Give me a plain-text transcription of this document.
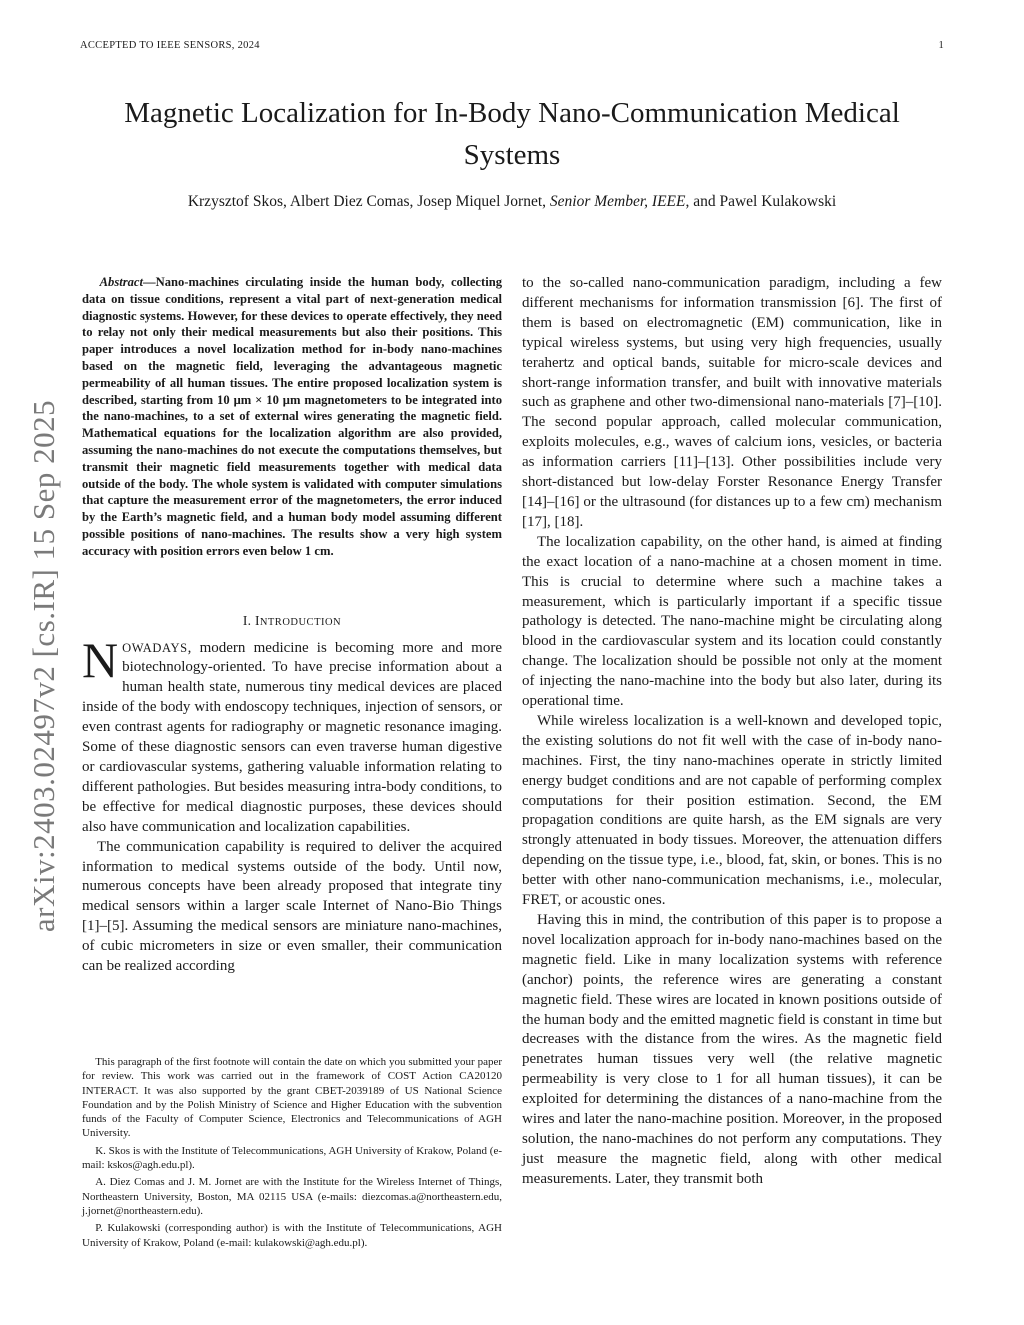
ACCEPTED TO IEEE SENSORS, 2024	1
arXiv:2403.02497v2 [cs.IR] 15 Sep 2025
Magnetic Localization for In-Body Nano-Communication Medical Systems
Krzysztof Skos, Albert Diez Comas, Josep Miquel Jornet, Senior Member, IEEE, and Pawel Kulakowski

Abstract—Nano-machines circulating inside the human body, collecting data on tissue conditions, represent a vital part of next-generation medical diagnostic systems. However, for these devices to operate effectively, they need to relay not only their medical measurements but also their positions. This paper introduces a novel localization method for in-body nano-machines based on the magnetic field, leveraging the advantageous magnetic permeability of all human tissues. The entire proposed localization system is described, starting from 10 μm × 10 μm magnetometers to be integrated into the nano-machines, to a set of external wires generating the magnetic field. Mathematical equations for the localization algorithm are also provided, assuming the nano-machines do not execute the computations themselves, but transmit their magnetic field measurements together with medical data outside of the body. The whole system is validated with computer simulations that capture the measurement error of the magnetometers, the error induced by the Earth’s magnetic field, and a human body model assuming different possible positions of nano-machines. The results show a very high system accuracy with position errors even below 1 cm.

I. INTRODUCTION

NOWADAYS, modern medicine is becoming more and more biotechnology-oriented. To have precise information about a human health state, numerous tiny medical devices are placed inside of the body with endoscopy techniques, injection of sensors, or even contrast agents for radiography or magnetic resonance imaging. Some of these diagnostic sensors can even traverse human digestive or cardiovascular systems, gathering valuable information relating to different pathologies. But besides measuring intra-body conditions, to be effective for medical diagnostic purposes, these devices should also have communication and localization capabilities.

The communication capability is required to deliver the acquired information to medical systems outside of the body. Until now, numerous concepts have been already proposed that integrate tiny medical sensors within a larger scale Internet of Nano-Bio Things [1]–[5]. Assuming the medical sensors are miniature nano-machines, of cubic micrometers in size or even smaller, their communication can be realized according

This paragraph of the first footnote will contain the date on which you submitted your paper for review. This work was carried out in the framework of COST Action CA20120 INTERACT. It was also supported by the grant CBET-2039189 of US National Science Foundation and by the Polish Ministry of Science and Higher Education with the subvention funds of the Faculty of Computer Science, Electronics and Telecommunications of AGH University.

K. Skos is with the Institute of Telecommunications, AGH University of Krakow, Poland (e-mail: kskos@agh.edu.pl).

A. Diez Comas and J. M. Jornet are with the Institute for the Wireless Internet of Things, Northeastern University, Boston, MA 02115 USA (e-mails: diezcomas.a@northeastern.edu, j.jornet@northeastern.edu).

P. Kulakowski (corresponding author) is with the Institute of Telecommunications, AGH University of Krakow, Poland (e-mail: kulakowski@agh.edu.pl).

to the so-called nano-communication paradigm, including a few different mechanisms for information transmission [6]. The first of them is based on electromagnetic (EM) communication, like in typical wireless systems, but using very high frequencies, usually terahertz and optical bands, suitable for micro-scale devices and short-range information transfer, and built with innovative materials such as graphene and other two-dimensional nano-materials [7]–[10]. The second popular approach, called molecular communication, exploits molecules, e.g., waves of calcium ions, vesicles, or bacteria as information carriers [11]–[13]. Other possibilities include very short-distanced but low-delay Forster Resonance Energy Transfer [14]–[16] or the ultrasound (for distances up to a few cm) mechanism [17], [18].

The localization capability, on the other hand, is aimed at finding the exact location of a nano-machine at a chosen moment in time. This is crucial to determine where such a machine takes a measurement, which is particularly important if a specific tissue pathology is detected. The nano-machine might be circulating along blood in the cardiovascular system and its location could constantly change. The localization should be possible not only at the moment of injecting the nano-machine into the body but also later, during its operational time.

While wireless localization is a well-known and developed topic, the existing solutions do not fit well with the case of in-body nano-machines. First, the tiny nano-machines operate in strictly limited energy budget conditions and are not capable of performing complex computations for their position estimation. Second, the EM propagation conditions are quite harsh, as the EM signals are very strongly attenuated in body tissues. Moreover, the attenuation differs depending on the tissue type, i.e., blood, fat, skin, or bones. This is no better with other nano-communication mechanisms, i.e., molecular, FRET, or acoustic ones.

Having this in mind, the contribution of this paper is to propose a novel localization approach for in-body nano-machines based on the magnetic field. Like in many localization systems with reference (anchor) points, the reference wires are generating a constant magnetic field. These wires are located in known positions outside of the human body and the emitted magnetic field is constant in time but decreases with the distance from the wires. As the magnetic field penetrates human tissues very well (the relative magnetic permeability is very close to 1 for all human tissues), it can be exploited for determining the distances of a nano-machine from the wires and later the nano-machine position. Moreover, in the proposed solution, the nano-machines do not perform any computations. They just measure the magnetic field, along with other medical measurements. Later, they transmit both
